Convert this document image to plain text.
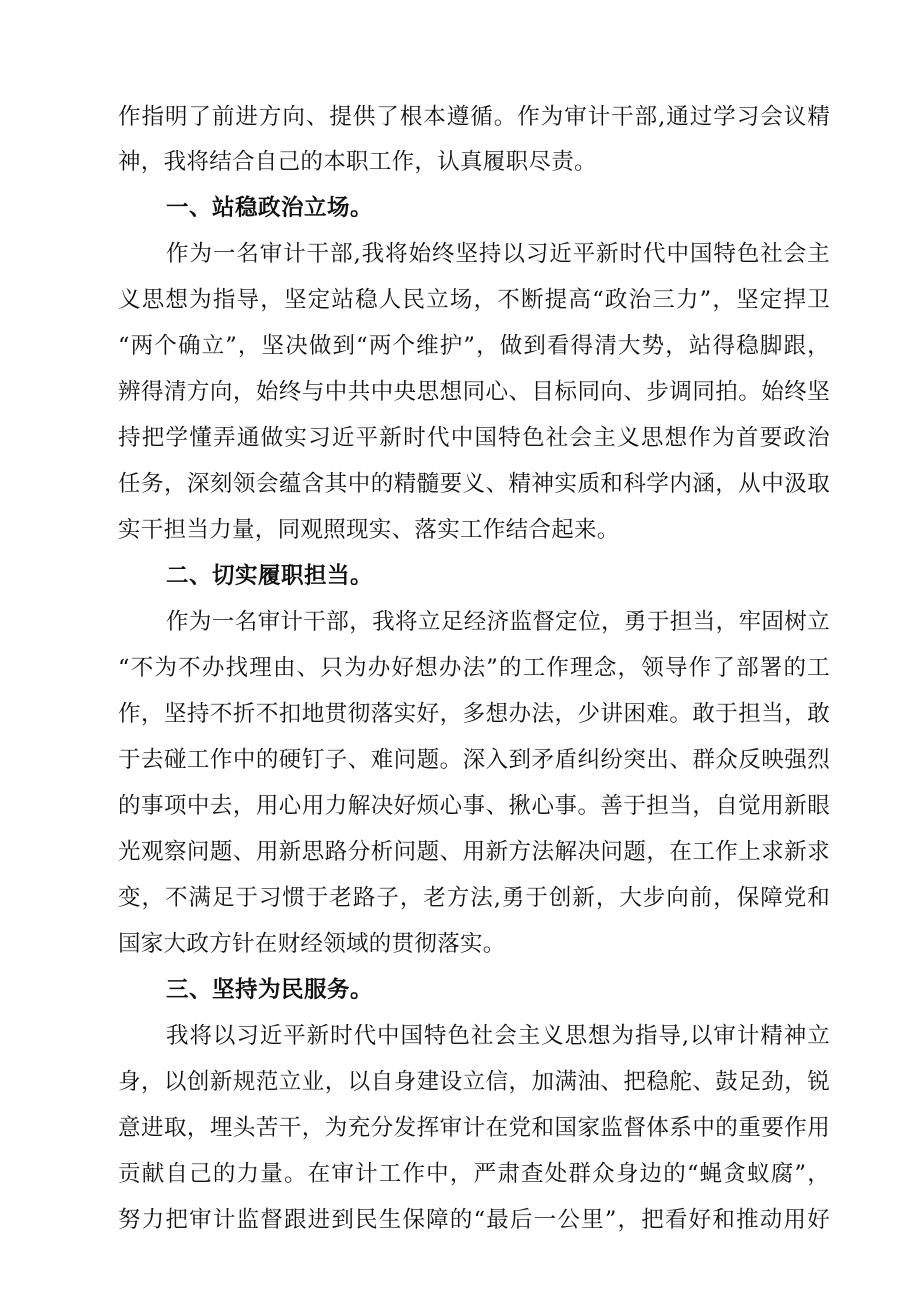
作指明了前进方向、提供了根本遵循。作为审计干部,通过学习会议精
神，我将结合自己的本职工作，认真履职尽责。
一、站稳政治立场。
作为一名审计干部,我将始终坚持以习近平新时代中国特色社会主
义思想为指导，坚定站稳人民立场，不断提高“政治三力”，坚定捍卫
“两个确立”，坚决做到“两个维护”，做到看得清大势，站得稳脚跟，
辨得清方向，始终与中共中央思想同心、目标同向、步调同拍。始终坚
持把学懂弄通做实习近平新时代中国特色社会主义思想作为首要政治
任务，深刻领会蕴含其中的精髓要义、精神实质和科学内涵，从中汲取
实干担当力量，同观照现实、落实工作结合起来。
二、切实履职担当。
作为一名审计干部，我将立足经济监督定位，勇于担当，牢固树立
“不为不办找理由、只为办好想办法”的工作理念，领导作了部署的工
作，坚持不折不扣地贯彻落实好，多想办法，少讲困难。敢于担当，敢
于去碰工作中的硬钉子、难问题。深入到矛盾纠纷突出、群众反映强烈
的事项中去，用心用力解决好烦心事、揪心事。善于担当，自觉用新眼
光观察问题、用新思路分析问题、用新方法解决问题，在工作上求新求
变，不满足于习惯于老路子，老方法,勇于创新，大步向前，保障党和
国家大政方针在财经领域的贯彻落实。
三、坚持为民服务。
我将以习近平新时代中国特色社会主义思想为指导,以审计精神立
身，以创新规范立业，以自身建设立信，加满油、把稳舵、鼓足劲，锐
意进取，埋头苦干，为充分发挥审计在党和国家监督体系中的重要作用
贡献自己的力量。在审计工作中，严肃查处群众身边的“蝇贪蚁腐”，
努力把审计监督跟进到民生保障的“最后一公里”，把看好和推动用好
